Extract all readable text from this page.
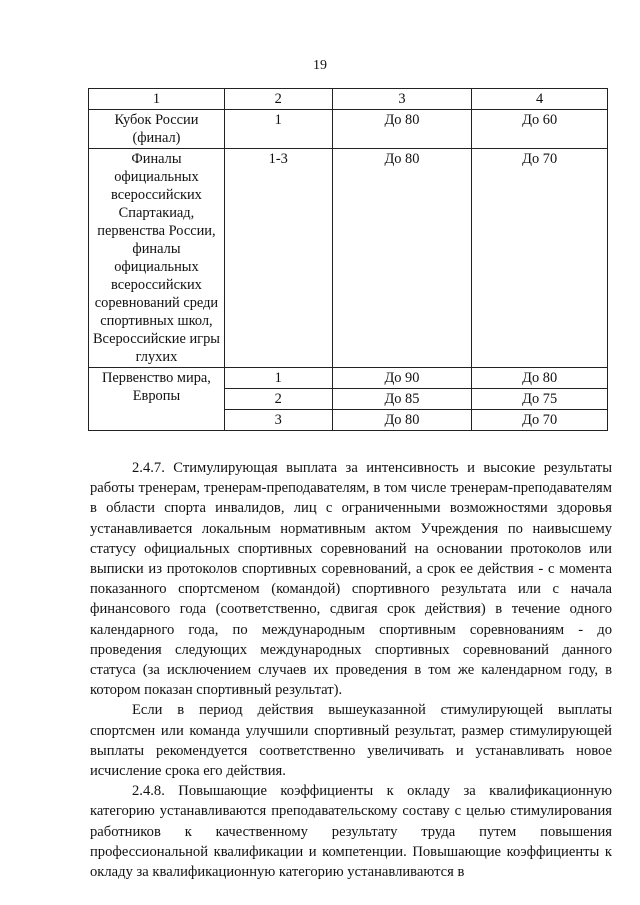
19
1	2	3	4
Кубок России (финал)	1	До 80	До 60
Финалы официальных всероссийских Спартакиад, первенства России, финалы официальных всероссийских соревнований среди спортивных школ, Всероссийские игры глухих	1-3	До 80	До 70
Первенство мира, Европы	1	До 90	До 80
	2	До 85	До 75
	3	До 80	До 70

2.4.7. Стимулирующая выплата за интенсивность и высокие результаты работы тренерам, тренерам-преподавателям, в том числе тренерам-преподавателям в области спорта инвалидов, лиц с ограниченными возможностями здоровья устанавливается локальным нормативным актом Учреждения по наивысшему статусу официальных спортивных соревнований на основании протоколов или выписки из протоколов спортивных соревнований, а срок ее действия - с момента показанного спортсменом (командой) спортивного результата или с начала финансового года (соответственно, сдвигая срок действия) в течение одного календарного года, по международным спортивным соревнованиям - до проведения следующих международных спортивных соревнований данного статуса (за исключением случаев их проведения в том же календарном году, в котором показан спортивный результат).

Если в период действия вышеуказанной стимулирующей выплаты спортсмен или команда улучшили спортивный результат, размер стимулирующей выплаты рекомендуется соответственно увеличивать и устанавливать новое исчисление срока его действия.

2.4.8. Повышающие коэффициенты к окладу за квалификационную категорию устанавливаются преподавательскому составу с целью стимулирования работников к качественному результату труда путем повышения профессиональной квалификации и компетенции. Повышающие коэффициенты к окладу за квалификационную категорию устанавливаются в
